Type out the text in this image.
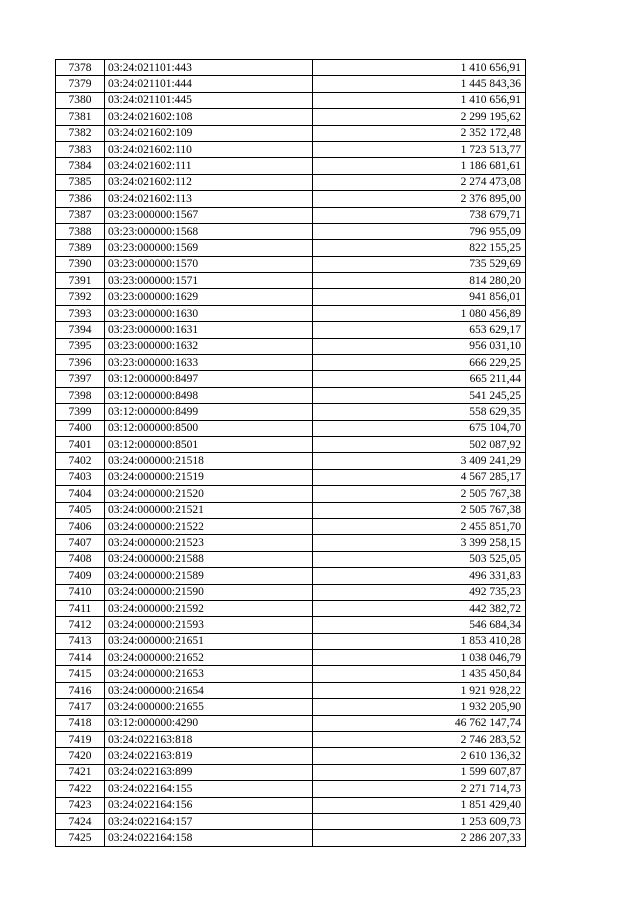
7378	03:24:021101:443	1 410 656,91
7379	03:24:021101:444	1 445 843,36
7380	03:24:021101:445	1 410 656,91
7381	03:24:021602:108	2 299 195,62
7382	03:24:021602:109	2 352 172,48
7383	03:24:021602:110	1 723 513,77
7384	03:24:021602:111	1 186 681,61
7385	03:24:021602:112	2 274 473,08
7386	03:24:021602:113	2 376 895,00
7387	03:23:000000:1567	738 679,71
7388	03:23:000000:1568	796 955,09
7389	03:23:000000:1569	822 155,25
7390	03:23:000000:1570	735 529,69
7391	03:23:000000:1571	814 280,20
7392	03:23:000000:1629	941 856,01
7393	03:23:000000:1630	1 080 456,89
7394	03:23:000000:1631	653 629,17
7395	03:23:000000:1632	956 031,10
7396	03:23:000000:1633	666 229,25
7397	03:12:000000:8497	665 211,44
7398	03:12:000000:8498	541 245,25
7399	03:12:000000:8499	558 629,35
7400	03:12:000000:8500	675 104,70
7401	03:12:000000:8501	502 087,92
7402	03:24:000000:21518	3 409 241,29
7403	03:24:000000:21519	4 567 285,17
7404	03:24:000000:21520	2 505 767,38
7405	03:24:000000:21521	2 505 767,38
7406	03:24:000000:21522	2 455 851,70
7407	03:24:000000:21523	3 399 258,15
7408	03:24:000000:21588	503 525,05
7409	03:24:000000:21589	496 331,83
7410	03:24:000000:21590	492 735,23
7411	03:24:000000:21592	442 382,72
7412	03:24:000000:21593	546 684,34
7413	03:24:000000:21651	1 853 410,28
7414	03:24:000000:21652	1 038 046,79
7415	03:24:000000:21653	1 435 450,84
7416	03:24:000000:21654	1 921 928,22
7417	03:24:000000:21655	1 932 205,90
7418	03:12:000000:4290	46 762 147,74
7419	03:24:022163:818	2 746 283,52
7420	03:24:022163:819	2 610 136,32
7421	03:24:022163:899	1 599 607,87
7422	03:24:022164:155	2 271 714,73
7423	03:24:022164:156	1 851 429,40
7424	03:24:022164:157	1 253 609,73
7425	03:24:022164:158	2 286 207,33
